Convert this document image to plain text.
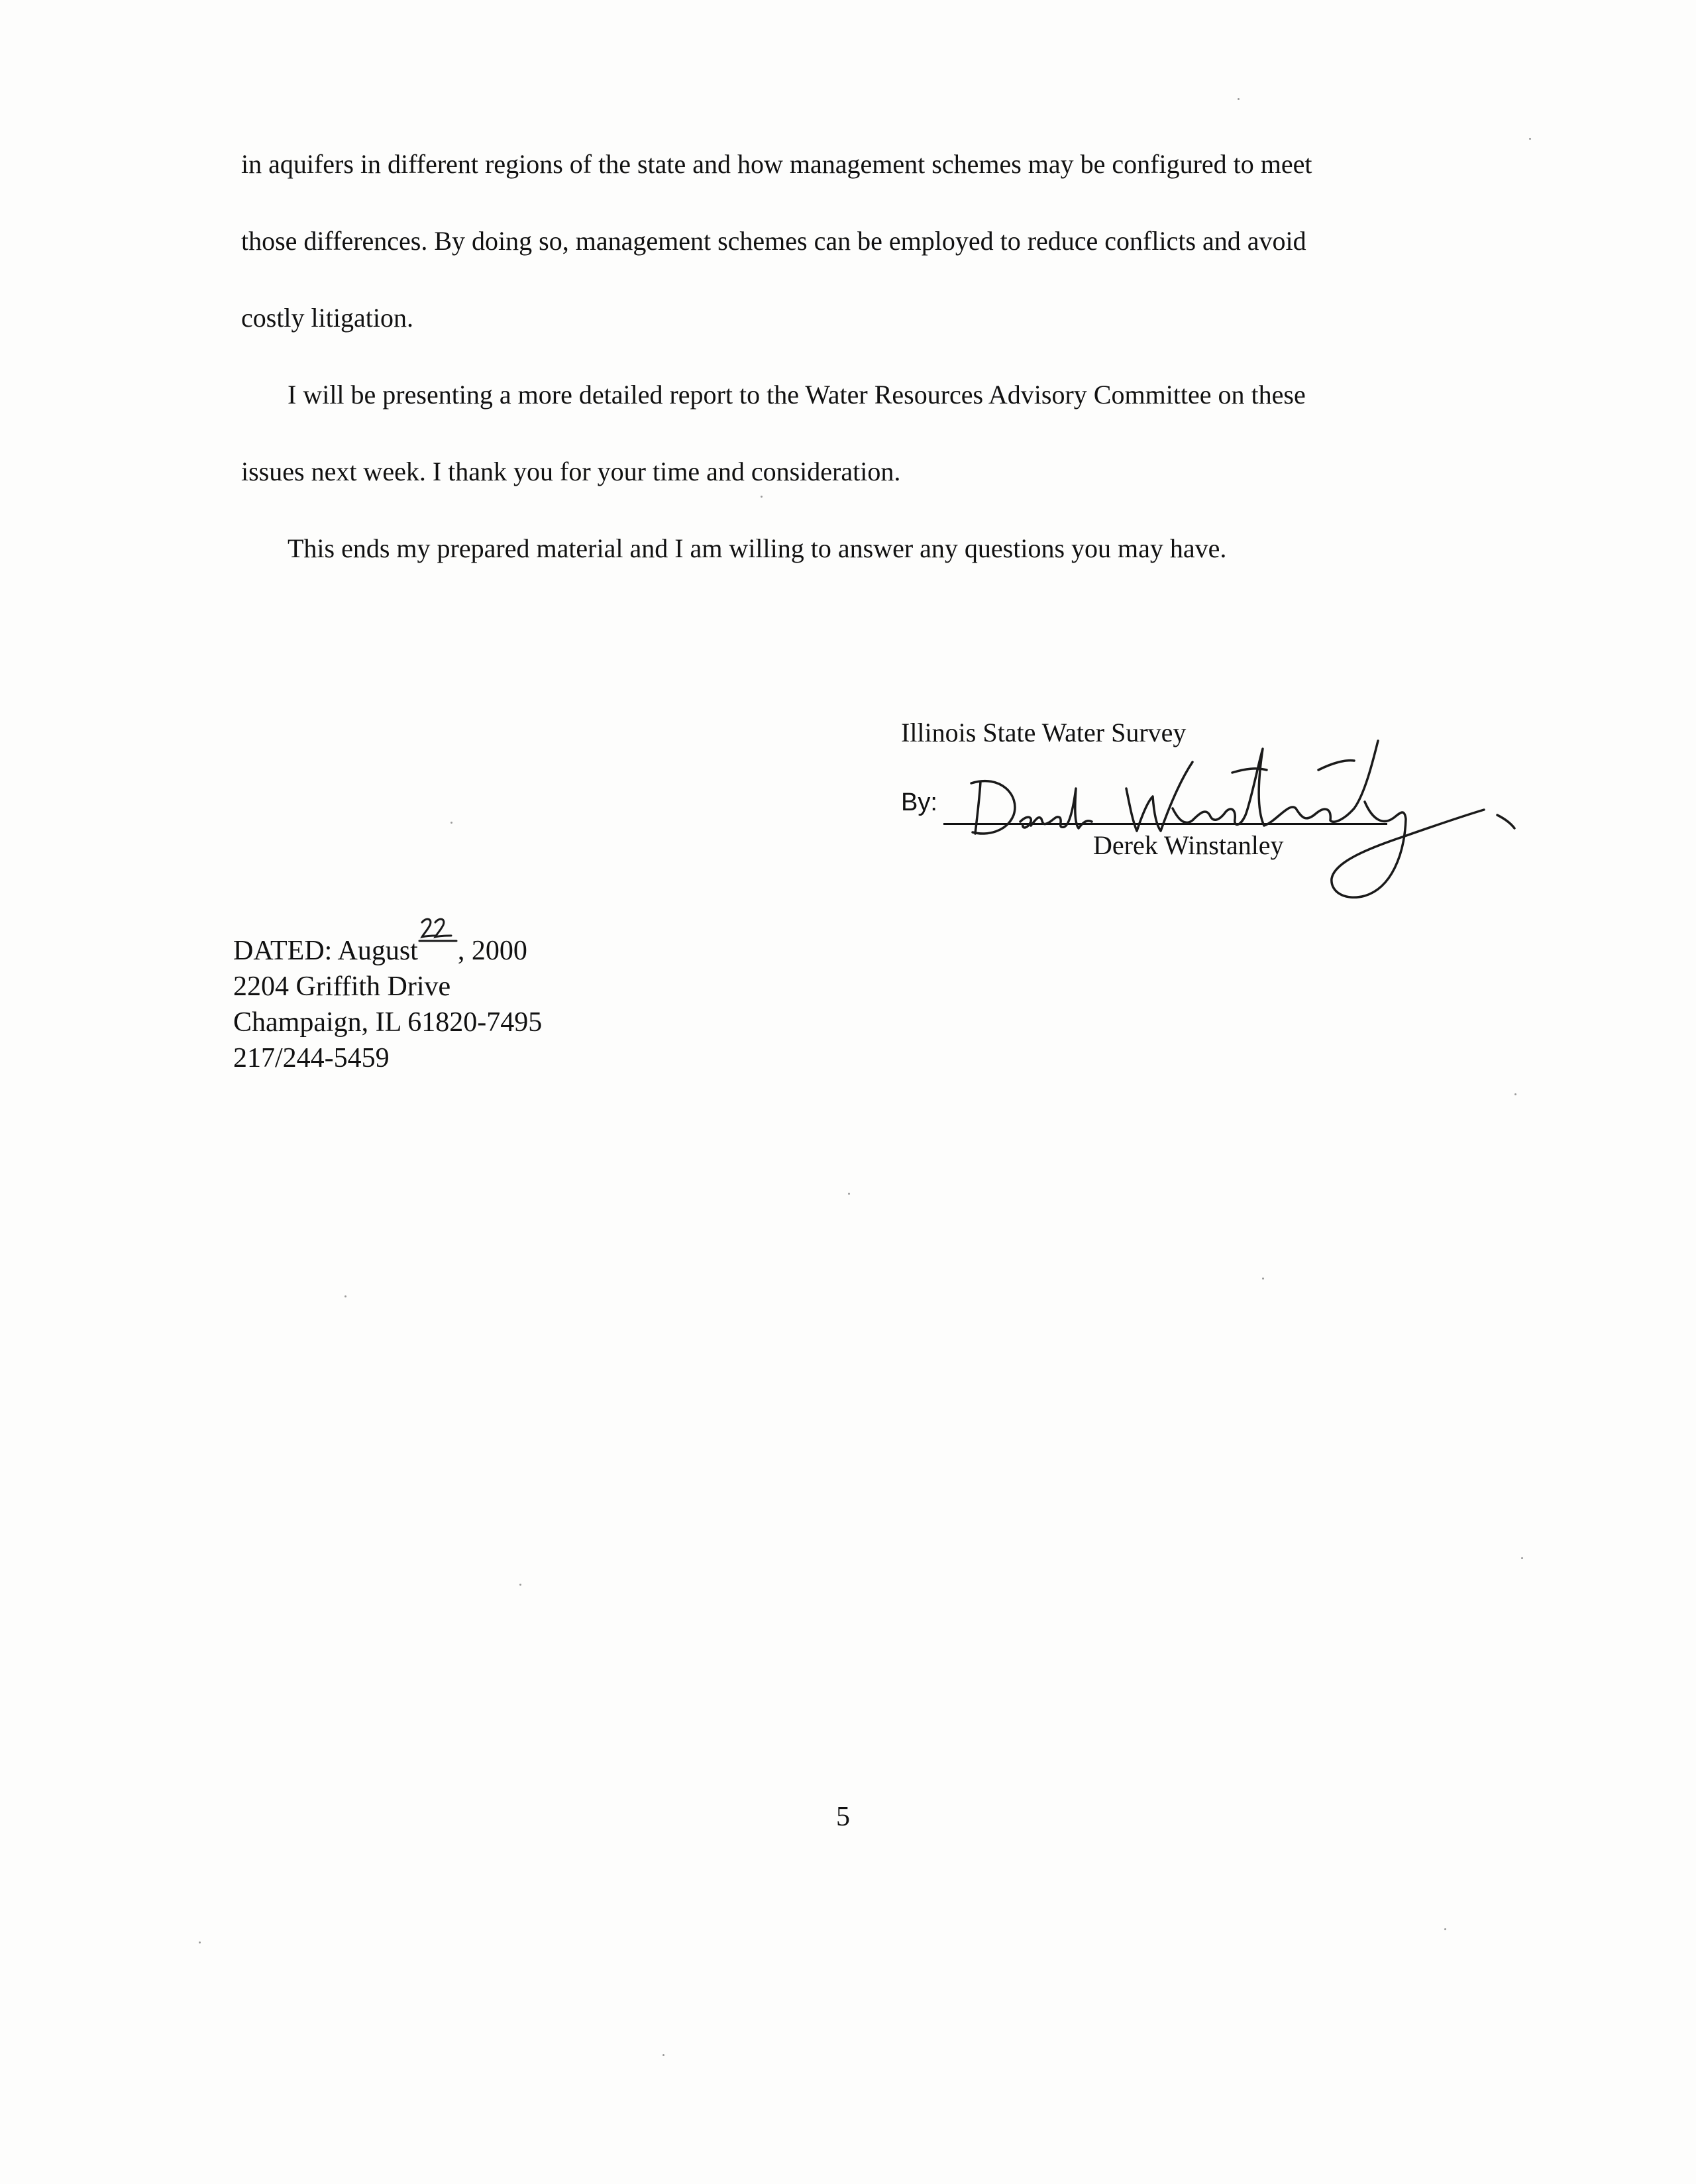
in aquifers in different regions of the state and how management schemes may be configured to meet

those differences. By doing so, management schemes can be employed to reduce conflicts and avoid

costly litigation.

I will be presenting a more detailed report to the Water Resources Advisory Committee on these

issues next week. I thank you for your time and consideration.

This ends my prepared material and I am willing to answer any questions you may have.

Illinois State Water Survey
By:
Derek Winstanley
DATED: August , 2000
2204 Griffith Drive
Champaign, IL 61820-7495
217/244-5459
5
